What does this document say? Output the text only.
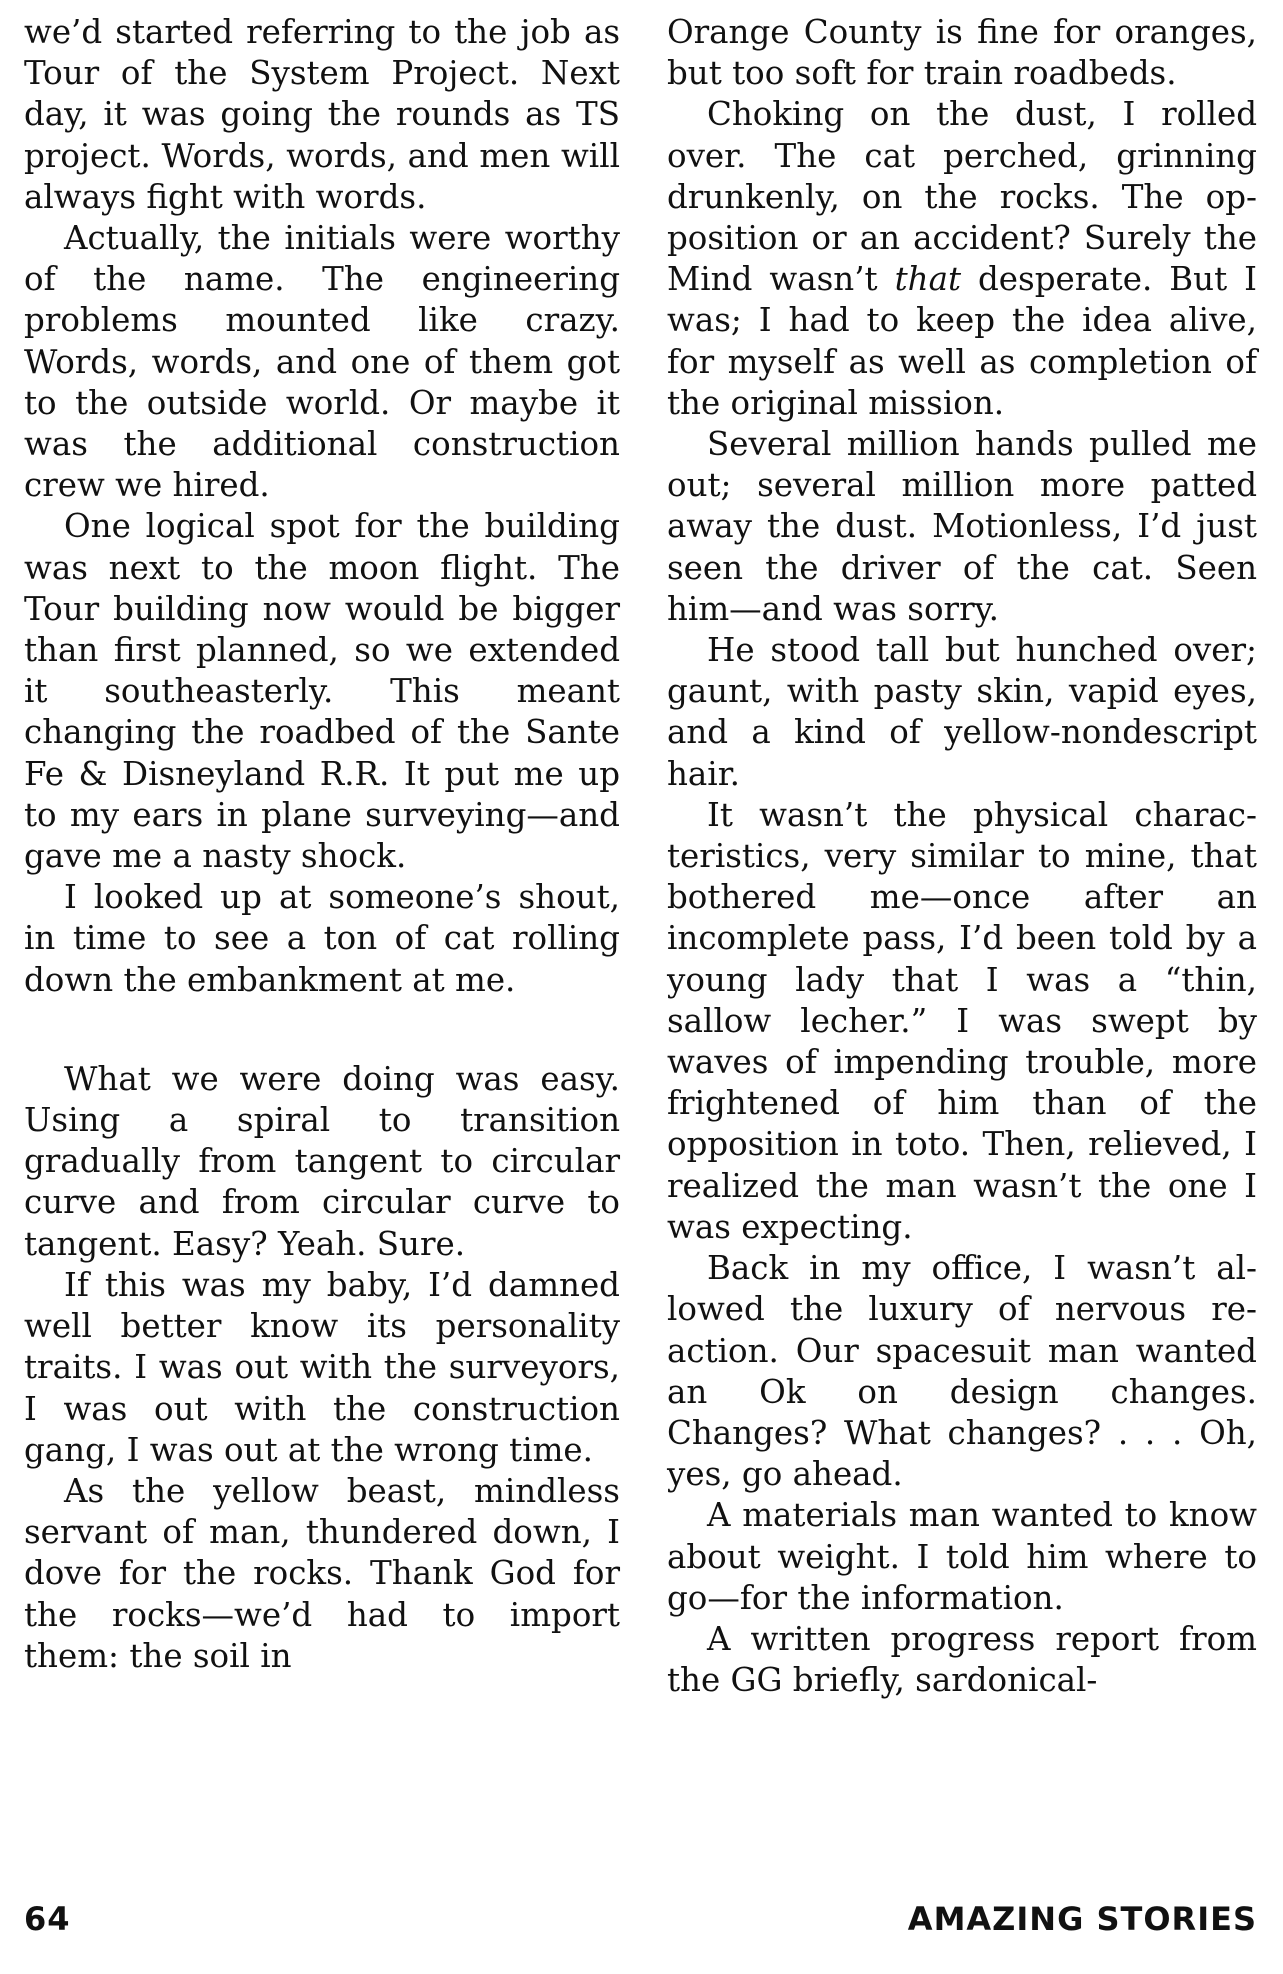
we’d started referring to the job as Tour of the System Project. Next day, it was going the rounds as TS project. Words, words, and men will always fight with words.

Actually, the initials were worthy of the name. The engineering problems mounted like crazy. Words, words, and one of them got to the outside world. Or maybe it was the additional construction crew we hired.

One logical spot for the building was next to the moon flight. The Tour building now would be bigger than first planned, so we extended it southeasterly. This meant changing the roadbed of the Sante Fe & Disneyland R.R. It put me up to my ears in plane surveying—and gave me a nasty shock.

I looked up at someone’s shout, in time to see a ton of cat rolling down the embankment at me.

What we were doing was easy. Using a spiral to transition gradually from tangent to circular curve and from circular curve to tangent. Easy? Yeah. Sure.

If this was my baby, I’d damned well better know its personality traits. I was out with the surveyors, I was out with the construction gang, I was out at the wrong time.

As the yellow beast, mindless servant of man, thundered down, I dove for the rocks. Thank God for the rocks—we’d had to import them: the soil in

Orange County is fine for oranges, but too soft for train roadbeds.

Choking on the dust, I rolled over. The cat perched, grinning drunkenly, on the rocks. The opposition or an accident? Surely the Mind wasn’t that desperate. But I was; I had to keep the idea alive, for myself as well as completion of the original mission.

Several million hands pulled me out; several million more patted away the dust. Motionless, I’d just seen the driver of the cat. Seen him—and was sorry.

He stood tall but hunched over; gaunt, with pasty skin, vapid eyes, and a kind of yellow-nondescript hair.

It wasn’t the physical characteristics, very similar to mine, that bothered me—once after an incomplete pass, I’d been told by a young lady that I was a “thin, sallow lecher.” I was swept by waves of impending trouble, more frightened of him than of the opposition in toto. Then, relieved, I realized the man wasn’t the one I was expecting.

Back in my office, I wasn’t allowed the luxury of nervous reaction. Our spacesuit man wanted an Ok on design changes. Changes? What changes? . . . Oh, yes, go ahead.

A materials man wanted to know about weight. I told him where to go—for the information.

A written progress report from the GG briefly, sardonical-

64	AMAZING STORIES
